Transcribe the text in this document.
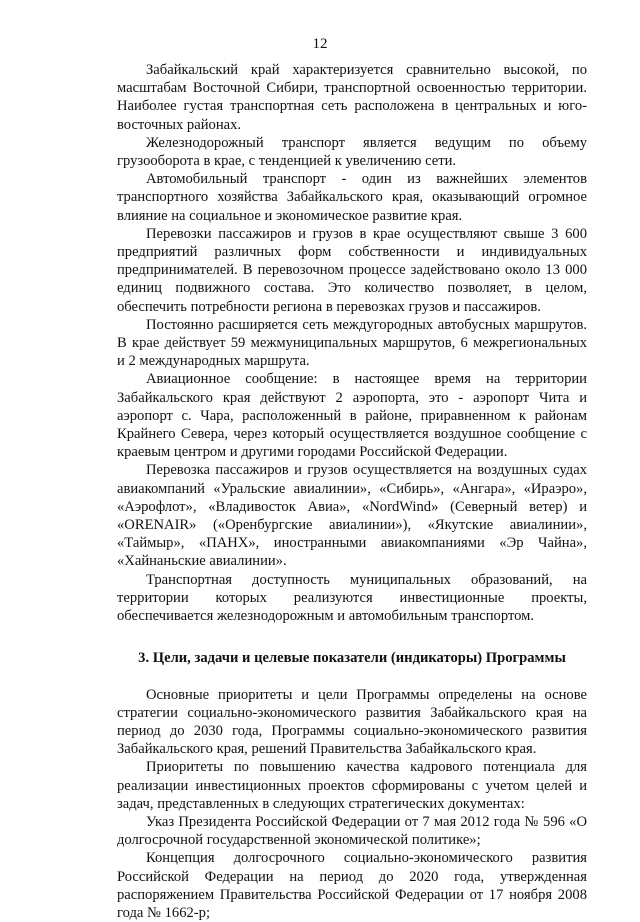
12

Забайкальский край характеризуется сравнительно высокой, по масштабам Восточной Сибири, транспортной освоенностью территории. Наиболее густая транспортная сеть расположена в центральных и юго-восточных районах.

Железнодорожный транспорт является ведущим по объему грузооборота в крае, с тенденцией к увеличению сети.

Автомобильный транспорт - один из важнейших элементов транспортного хозяйства Забайкальского края, оказывающий огромное влияние на социальное и экономическое развитие края.

Перевозки пассажиров и грузов в крае осуществляют свыше 3 600 предприятий различных форм собственности и индивидуальных предпринимателей. В перевозочном процессе задействовано около 13 000 единиц подвижного состава. Это количество позволяет, в целом, обеспечить потребности региона в перевозках грузов и пассажиров.

Постоянно расширяется сеть междугородных автобусных маршрутов. В крае действует 59 межмуниципальных маршрутов, 6 межрегиональных и 2 международных маршрута.

Авиационное сообщение: в настоящее время на территории Забайкальского края действуют 2 аэропорта, это - аэропорт Чита и аэропорт с. Чара, расположенный в районе, приравненном к районам Крайнего Севера, через который осуществляется воздушное сообщение с краевым центром и другими городами Российской Федерации.

Перевозка пассажиров и грузов осуществляется на воздушных судах авиакомпаний «Уральские авиалинии», «Сибирь», «Ангара», «Ираэро», «Аэрофлот», «Владивосток Авиа», «NordWind» (Северный ветер) и «ORENAIR» («Оренбургские авиалинии»), «Якутские авиалинии», «Таймыр», «ПАНХ», иностранными авиакомпаниями «Эр Чайна», «Хайнаньские авиалинии».

Транспортная доступность муниципальных образований, на территории которых реализуются инвестиционные проекты, обеспечивается железнодорожным и автомобильным транспортом.

3. Цели, задачи и целевые показатели (индикаторы) Программы

Основные приоритеты и цели Программы определены на основе стратегии социально-экономического развития Забайкальского края на период до 2030 года, Программы социально-экономического развития Забайкальского края, решений Правительства Забайкальского края.

Приоритеты по повышению качества кадрового потенциала для реализации инвестиционных проектов сформированы с учетом целей и задач, представленных в следующих стратегических документах:

Указ Президента Российской Федерации от 7 мая 2012 года № 596 «О долгосрочной государственной экономической политике»;

Концепция долгосрочного социально-экономического развития Российской Федерации на период до 2020 года, утвержденная распоряжением Правительства Российской Федерации от 17 ноября 2008 года № 1662-р;
